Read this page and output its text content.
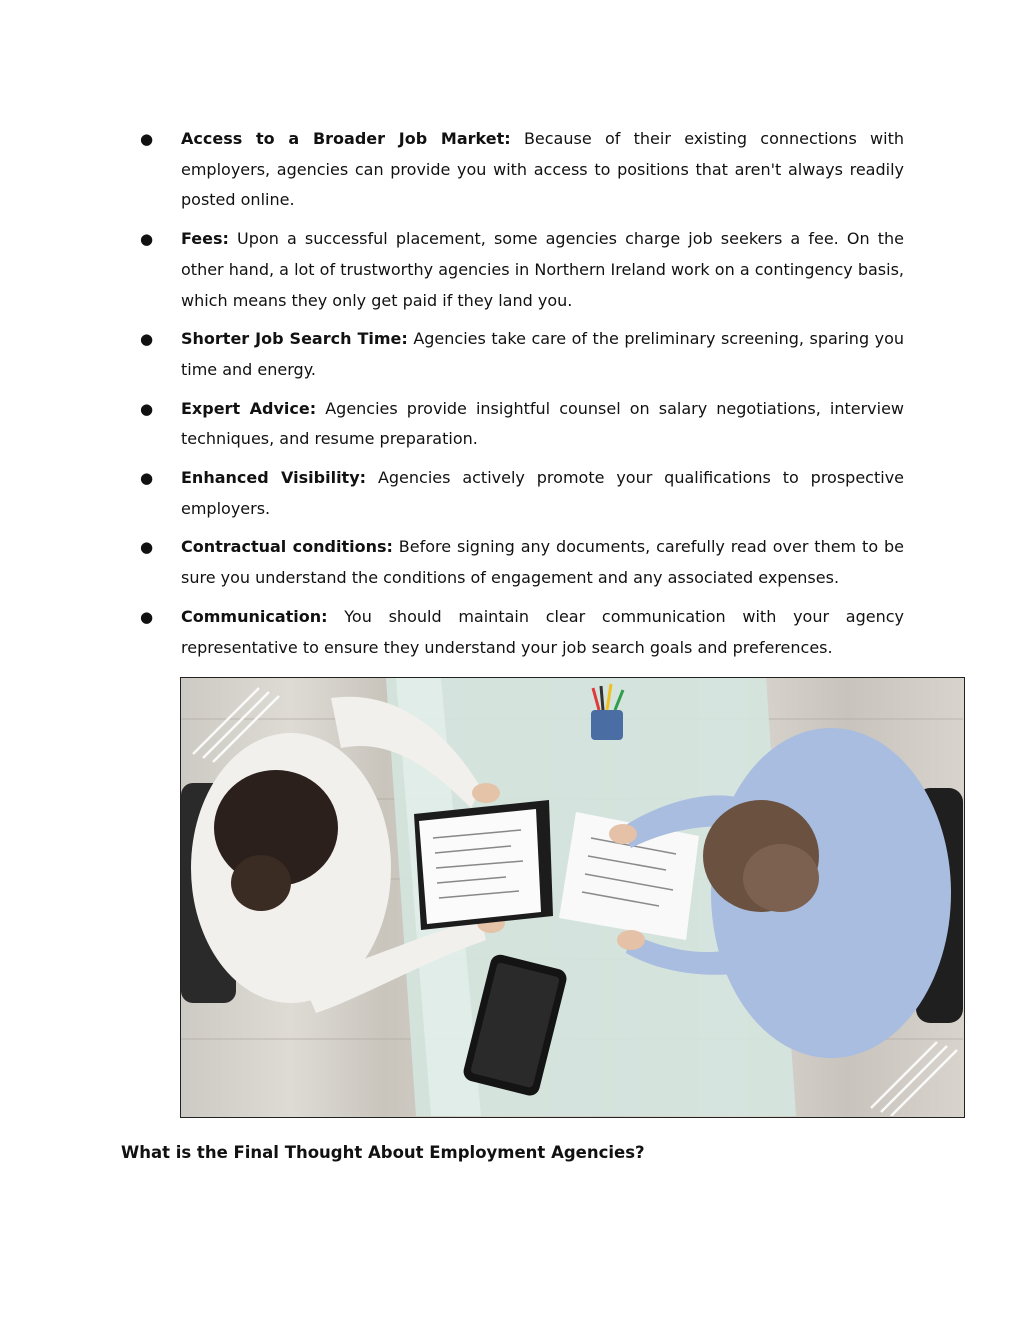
● Access to a Broader Job Market: Because of their existing connections with employers, agencies can provide you with access to positions that aren't always readily posted online.
● Fees: Upon a successful placement, some agencies charge job seekers a fee. On the other hand, a lot of trustworthy agencies in Northern Ireland work on a contingency basis, which means they only get paid if they land you.
● Shorter Job Search Time: Agencies take care of the preliminary screening, sparing you time and energy.
● Expert Advice: Agencies provide insightful counsel on salary negotiations, interview techniques, and resume preparation.
● Enhanced Visibility: Agencies actively promote your qualifications to prospective employers.
● Contractual conditions: Before signing any documents, carefully read over them to be sure you understand the conditions of engagement and any associated expenses.
● Communication: You should maintain clear communication with your agency representative to ensure they understand your job search goals and preferences.
What is the Final Thought About Employment Agencies?
